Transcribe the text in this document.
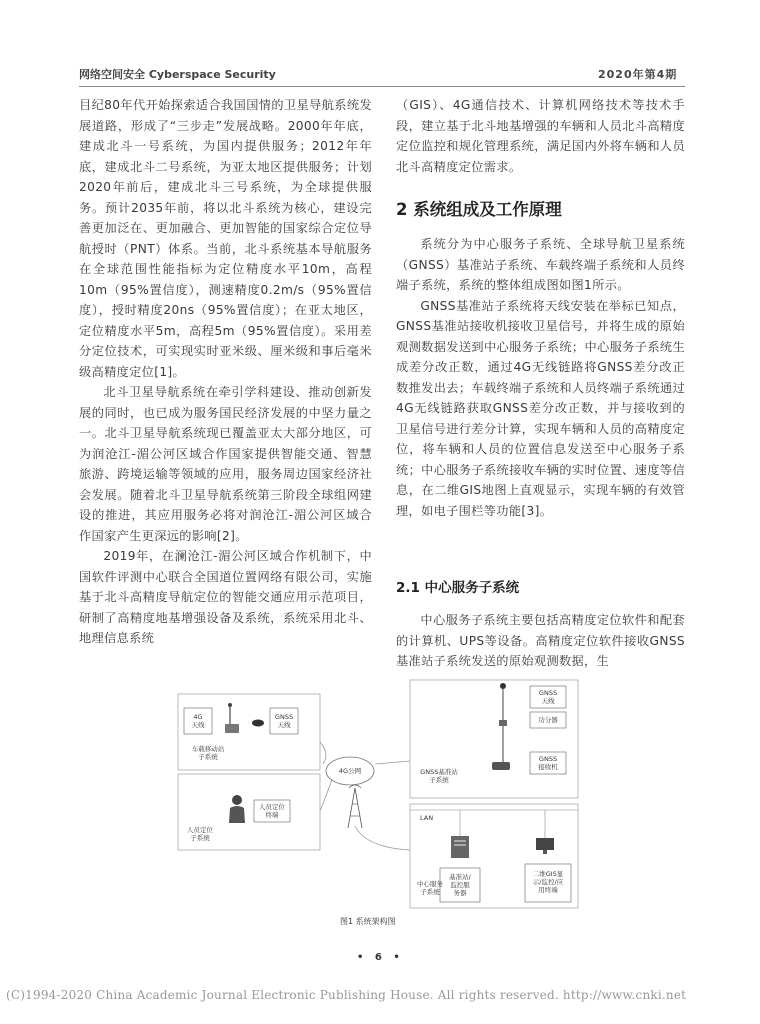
网络空间安全 Cyberspace Security	2020年第4期

目纪80年代开始探索适合我国国情的卫星导航系统发展道路，形成了“三步走”发展战略。2000年年底，建成北斗一号系统，为国内提供服务；2012年年底，建成北斗二号系统，为亚太地区提供服务；计划2020年前后，建成北斗三号系统，为全球提供服务。预计2035年前，将以北斗系统为核心，建设完善更加泛在、更加融合、更加智能的国家综合定位导航授时（PNT）体系。当前，北斗系统基本导航服务在全球范围性能指标为定位精度水平10m，高程10m（95%置信度），测速精度0.2m/s（95%置信度），授时精度20ns（95%置信度）；在亚太地区，定位精度水平5m，高程5m（95%置信度）。采用差分定位技术，可实现实时亚米级、厘米级和事后毫米级高精度定位[1]。

北斗卫星导航系统在牵引学科建设、推动创新发展的同时，也已成为服务国民经济发展的中坚力量之一。北斗卫星导航系统现已覆盖亚太大部分地区，可为润沧江-湄公河区域合作国家提供智能交通、智慧旅游、跨境运输等领域的应用，服务周边国家经济社会发展。随着北斗卫星导航系统第三阶段全球组网建设的推进，其应用服务必将对润沧江-湄公河区域合作国家产生更深远的影响[2]。

2019年，在澜沧江-湄公河区域合作机制下，中国软件评测中心联合全国道位置网络有限公司，实施基于北斗高精度导航定位的智能交通应用示范项目，研制了高精度地基增强设备及系统，系统采用北斗、地理信息系统

（GIS）、4G通信技术、计算机网络技术等技术手段，建立基于北斗地基增强的车辆和人员北斗高精度定位监控和规化管理系统，满足国内外将车辆和人员北斗高精度定位需求。

2 系统组成及工作原理

系统分为中心服务子系统、全球导航卫星系统（GNSS）基准站子系统、车载终端子系统和人员终端子系统，系统的整体组成图如图1所示。

GNSS基准站子系统将天线安装在举标已知点，GNSS基准站接收机接收卫星信号，并将生成的原始观测数据发送到中心服务子系统；中心服务子系统生成差分改正数，通过4G无线链路将GNSS差分改正数推发出去；车载终端子系统和人员终端子系统通过4G无线链路获取GNSS差分改正数，并与接收到的卫星信号进行差分计算，实现车辆和人员的高精度定位，将车辆和人员的位置信息发送至中心服务子系统；中心服务子系统接收车辆的实时位置、速度等信息，在二维GIS地图上直观显示，实现车辆的有效管理，如电子围栏等功能[3]。

2.1 中心服务子系统

中心服务子系统主要包括高精度定位软件和配套的计算机、UPS等设备。高精度定位软件接收GNSS基准站子系统发送的原始观测数据，生

4G
天线
GNSS
天线
车载移动站
子系统
人员定位
终端
人员定位
子系统
4G公网
GNSS
天线
功分器
GNSS
接收机
GNSS基准站
子系统
LAN
基准站/
监控服
务器
二维GIS显
示/监控/应
用终端
中心服务
子系统
图1 系统架构图
• 6 •
(C)1994-2020 China Academic Journal Electronic Publishing House. All rights reserved. http://www.cnki.net
